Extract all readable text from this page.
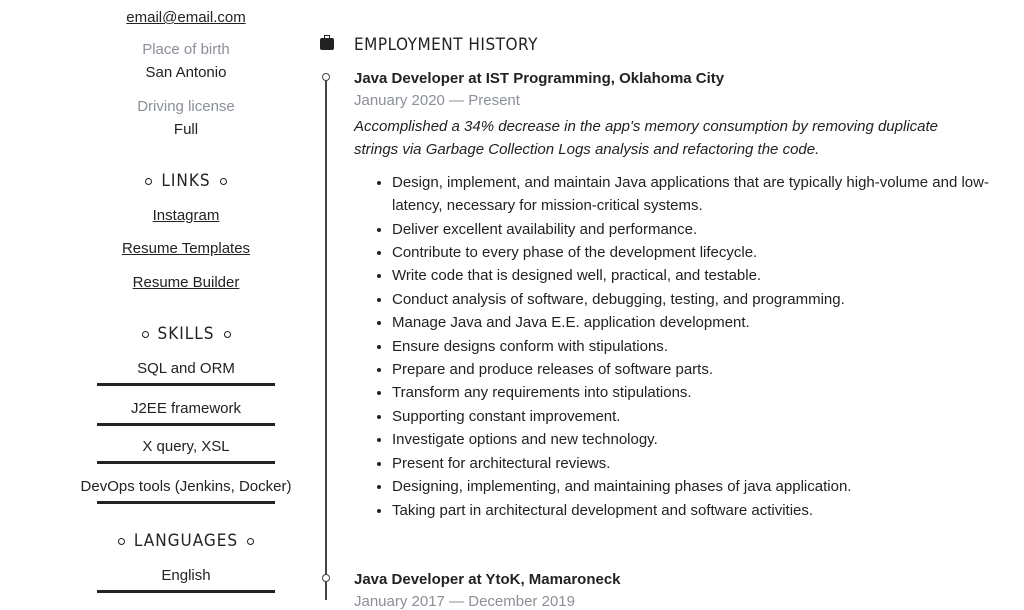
email@email.com
Place of birth
San Antonio
Driving license
Full
LINKS
Instagram
Resume Templates
Resume Builder
SKILLS
SQL and ORM
J2EE framework
X query, XSL
DevOps tools (Jenkins, Docker)
LANGUAGES
English
EMPLOYMENT HISTORY
Java Developer at IST Programming, Oklahoma City
January 2020 — Present
Accomplished a 34% decrease in the app's memory consumption by removing duplicate strings via Garbage Collection Logs analysis and refactoring the code.
• Design, implement, and maintain Java applications that are typically high-volume and low-latency, necessary for mission-critical systems.
• Deliver excellent availability and performance.
• Contribute to every phase of the development lifecycle.
• Write code that is designed well, practical, and testable.
• Conduct analysis of software, debugging, testing, and programming.
• Manage Java and Java E.E. application development.
• Ensure designs conform with stipulations.
• Prepare and produce releases of software parts.
• Transform any requirements into stipulations.
• Supporting constant improvement.
• Investigate options and new technology.
• Present for architectural reviews.
• Designing, implementing, and maintaining phases of java application.
• Taking part in architectural development and software activities.
Java Developer at YtoK, Mamaroneck
January 2017 — December 2019
